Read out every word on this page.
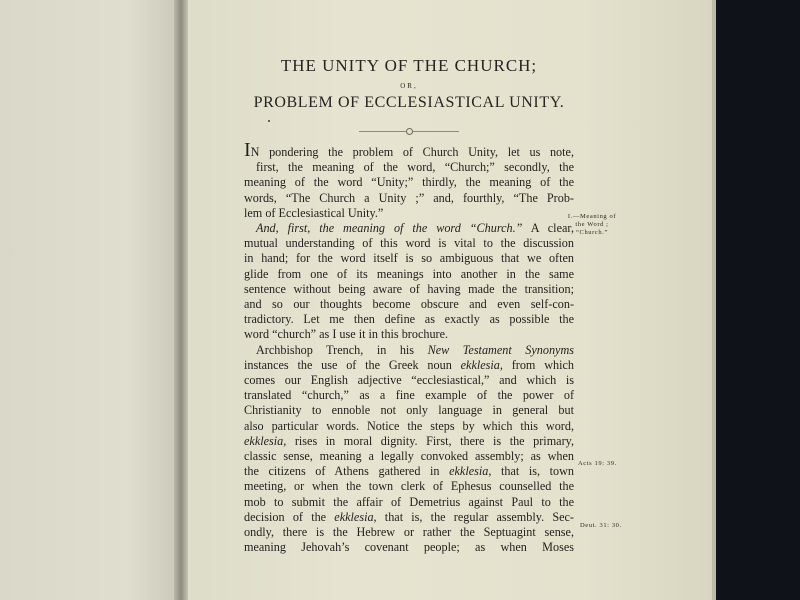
THE UNITY OF THE CHURCH;

OR,

PROBLEM OF ECCLESIASTICAL UNITY.

IN pondering the problem of Church Unity, let us note,
first, the meaning of the word, “Church;” secondly, the
meaning of the word “Unity;” thirdly, the meaning of the
words, “The Church a Unity ;” and, fourthly, “The Prob-
lem of Ecclesiastical Unity.”
And, first, the meaning of the word “Church.” A clear,
mutual understanding of this word is vital to the discussion
in hand; for the word itself is so ambiguous that we often
glide from one of its meanings into another in the same
sentence without being aware of having made the transition;
and so our thoughts become obscure and even self-con-
tradictory. Let me then define as exactly as possible the
word “church” as I use it in this brochure.
Archbishop Trench, in his New Testament Synonyms
instances the use of the Greek noun ekklesia, from which
comes our English adjective “ecclesiastical,” and which is
translated “church,” as a fine example of the power of
Christianity to ennoble not only language in general but
also particular words. Notice the steps by which this word,
ekklesia, rises in moral dignity. First, there is the primary,
classic sense, meaning a legally convoked assembly; as when
the citizens of Athens gathered in ekklesia, that is, town
meeting, or when the town clerk of Ephesus counselled the
mob to submit the affair of Demetrius against Paul to the
decision of the ekklesia, that is, the regular assembly. Sec-
ondly, there is the Hebrew or rather the Septuagint sense,
meaning Jehovah’s covenant people; as when Moses
I.—Meaning of
the Word ;
“Church.”
Acts 19: 39.
Deut. 31: 30.
